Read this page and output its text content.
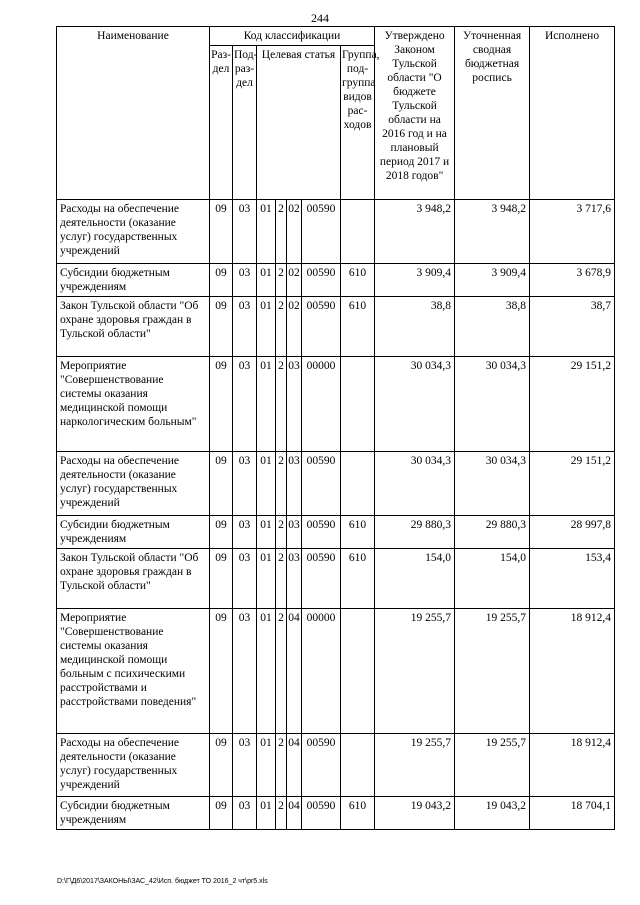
244
Наименование	Код классификации							Утверждено Законом Тульской области "О бюджете Тульской области на 2016 год и на плановый период 2017 и 2018 годов"	Уточненная сводная бюджетная роспись	Исполнено
	Раз-дел	Под-раз-дел	Целевая статья				Группа, под-группа видов рас-ходов			
Расходы на обеспечение деятельности (оказание услуг) государственных учреждений	09	03	01	2	02	00590		3 948,2	3 948,2	3 717,6
Субсидии бюджетным учреждениям	09	03	01	2	02	00590	610	3 909,4	3 909,4	3 678,9
Закон Тульской области "Об охране здоровья граждан в Тульской области"	09	03	01	2	02	00590	610	38,8	38,8	38,7
Мероприятие "Совершенствование системы оказания медицинской помощи наркологическим больным"	09	03	01	2	03	00000		30 034,3	30 034,3	29 151,2
Расходы на обеспечение деятельности (оказание услуг) государственных учреждений	09	03	01	2	03	00590		30 034,3	30 034,3	29 151,2
Субсидии бюджетным учреждениям	09	03	01	2	03	00590	610	29 880,3	29 880,3	28 997,8
Закон Тульской области "Об охране здоровья граждан в Тульской области"	09	03	01	2	03	00590	610	154,0	154,0	153,4
Мероприятие "Совершенствование системы оказания медицинской помощи больным с психическими расстройствами и расстройствами поведения"	09	03	01	2	04	00000		19 255,7	19 255,7	18 912,4
Расходы на обеспечение деятельности (оказание услуг) государственных учреждений	09	03	01	2	04	00590		19 255,7	19 255,7	18 912,4
Субсидии бюджетным учреждениям	09	03	01	2	04	00590	610	19 043,2	19 043,2	18 704,1
D:\Г\Д6\2017\ЗАКОНЫ\ЗАС_42\Исп. бюджет ТО 2016_2 чт\pr5.xls
